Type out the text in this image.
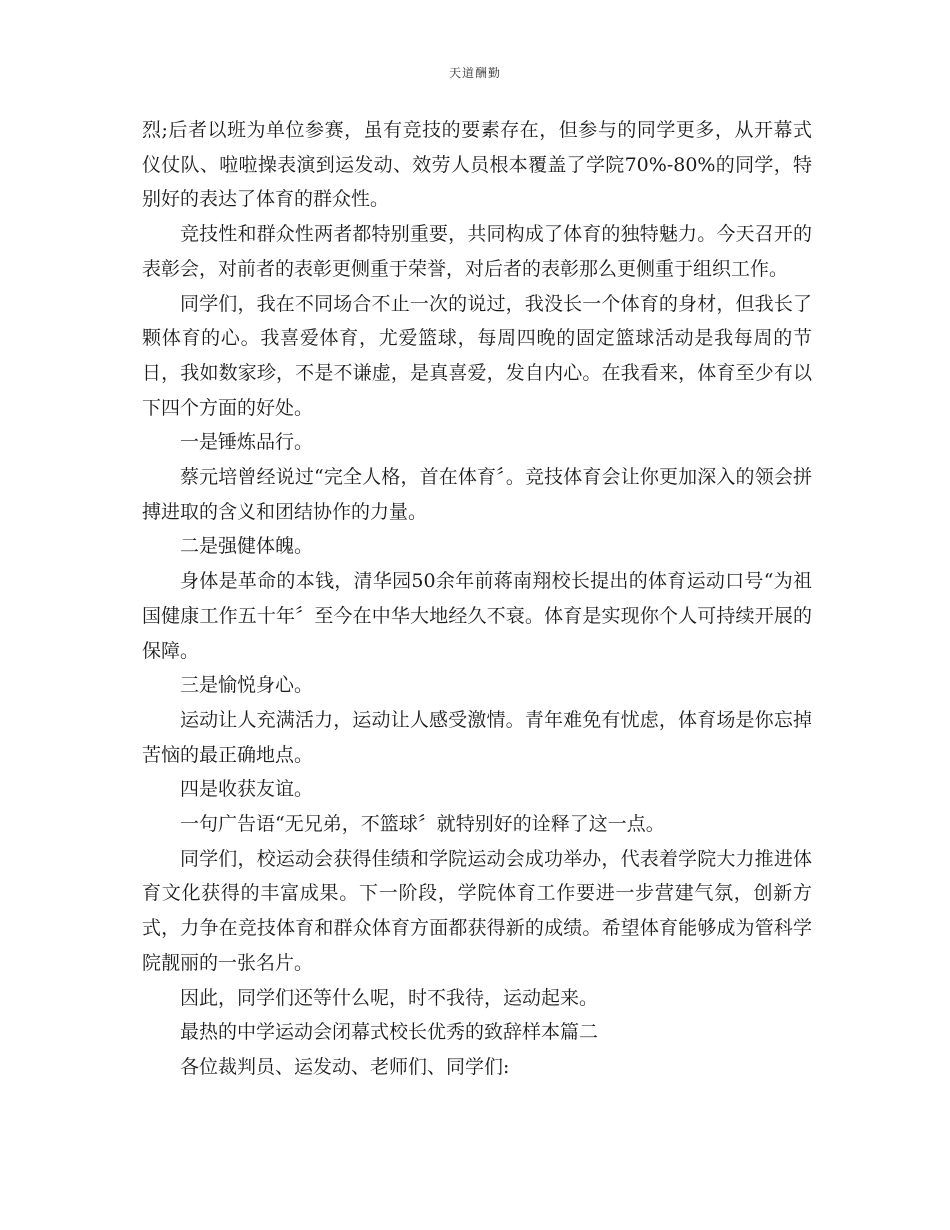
天道酬勤

烈;后者以班为单位参赛，虽有竞技的要素存在，但参与的同学更多，从开幕式仪仗队、啦啦操表演到运发动、效劳人员根本覆盖了学院70%-80%的同学，特别好的表达了体育的群众性。

竞技性和群众性两者都特别重要，共同构成了体育的独特魅力。今天召开的表彰会，对前者的表彰更侧重于荣誉，对后者的表彰那么更侧重于组织工作。

同学们，我在不同场合不止一次的说过，我没长一个体育的身材，但我长了颗体育的心。我喜爱体育，尤爱篮球，每周四晚的固定篮球活动是我每周的节日，我如数家珍，不是不谦虚，是真喜爱，发自内心。在我看来，体育至少有以下四个方面的好处。

一是锤炼品行。

蔡元培曾经说过“完全人格，首在体育〞。竞技体育会让你更加深入的领会拼搏进取的含义和团结协作的力量。

二是强健体魄。

身体是革命的本钱，清华园50余年前蒋南翔校长提出的体育运动口号“为祖国健康工作五十年〞至今在中华大地经久不衰。体育是实现你个人可持续开展的保障。

三是愉悦身心。

运动让人充满活力，运动让人感受激情。青年难免有忧虑，体育场是你忘掉苦恼的最正确地点。

四是收获友谊。

一句广告语“无兄弟，不篮球〞就特别好的诠释了这一点。

同学们，校运动会获得佳绩和学院运动会成功举办，代表着学院大力推进体育文化获得的丰富成果。下一阶段，学院体育工作要进一步营建气氛，创新方式，力争在竞技体育和群众体育方面都获得新的成绩。希望体育能够成为管科学院靓丽的一张名片。

因此，同学们还等什么呢，时不我待，运动起来。

最热的中学运动会闭幕式校长优秀的致辞样本篇二

各位裁判员、运发动、老师们、同学们:
